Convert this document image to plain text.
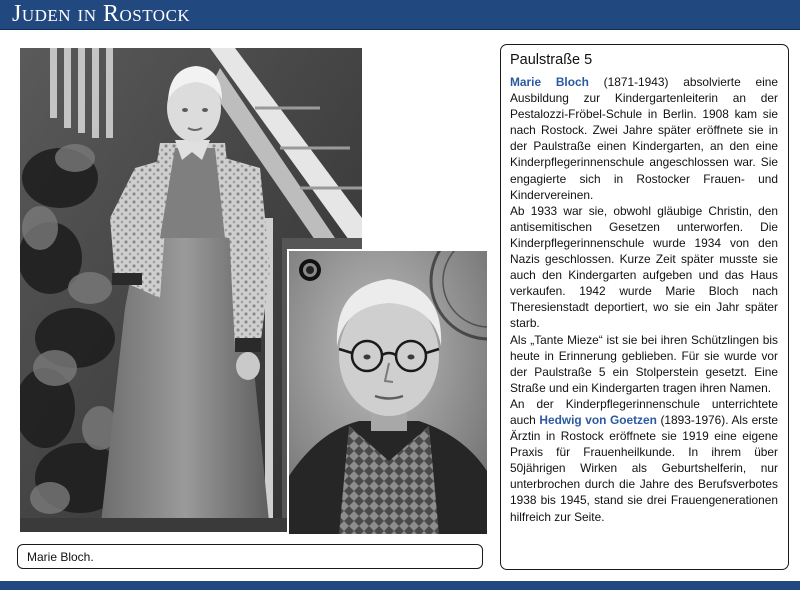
Juden in Rostock
Marie Bloch.
Paulstraße 5

Marie Bloch (1871-1943) absolvierte eine Ausbildung zur Kindergartenleiterin an der Pestalozzi-Fröbel-Schule in Berlin. 1908 kam sie nach Rostock. Zwei Jahre später eröffnete sie in der Paulstraße einen Kindergarten, an den eine Kinderpflegerinnenschule angeschlossen war. Sie engagierte sich in Rostocker Frauen- und Kindervereinen.

Ab 1933 war sie, obwohl gläubige Christin, den antisemitischen Gesetzen unterworfen. Die Kinderpflegerinnenschule wurde 1934 von den Nazis geschlossen. Kurze Zeit später musste sie auch den Kindergarten aufgeben und das Haus verkaufen. 1942 wurde Marie Bloch nach Theresienstadt deportiert, wo sie ein Jahr später starb.

Als „Tante Mieze“ ist sie bei ihren Schützlingen bis heute in Erinnerung geblieben. Für sie wurde vor der Paulstraße 5 ein Stolperstein gesetzt. Eine Straße und ein Kindergarten tragen ihren Namen.

An der Kinderpflegerinnenschule unterrichtete auch Hedwig von Goetzen (1893-1976). Als erste Ärztin in Rostock eröffnete sie 1919 eine eigene Praxis für Frauenheilkunde. In ihrem über 50jährigen Wirken als Geburtshelferin, nur unterbrochen durch die Jahre des Berufsverbotes 1938 bis 1945, stand sie drei Frauengenerationen hilfreich zur Seite.
